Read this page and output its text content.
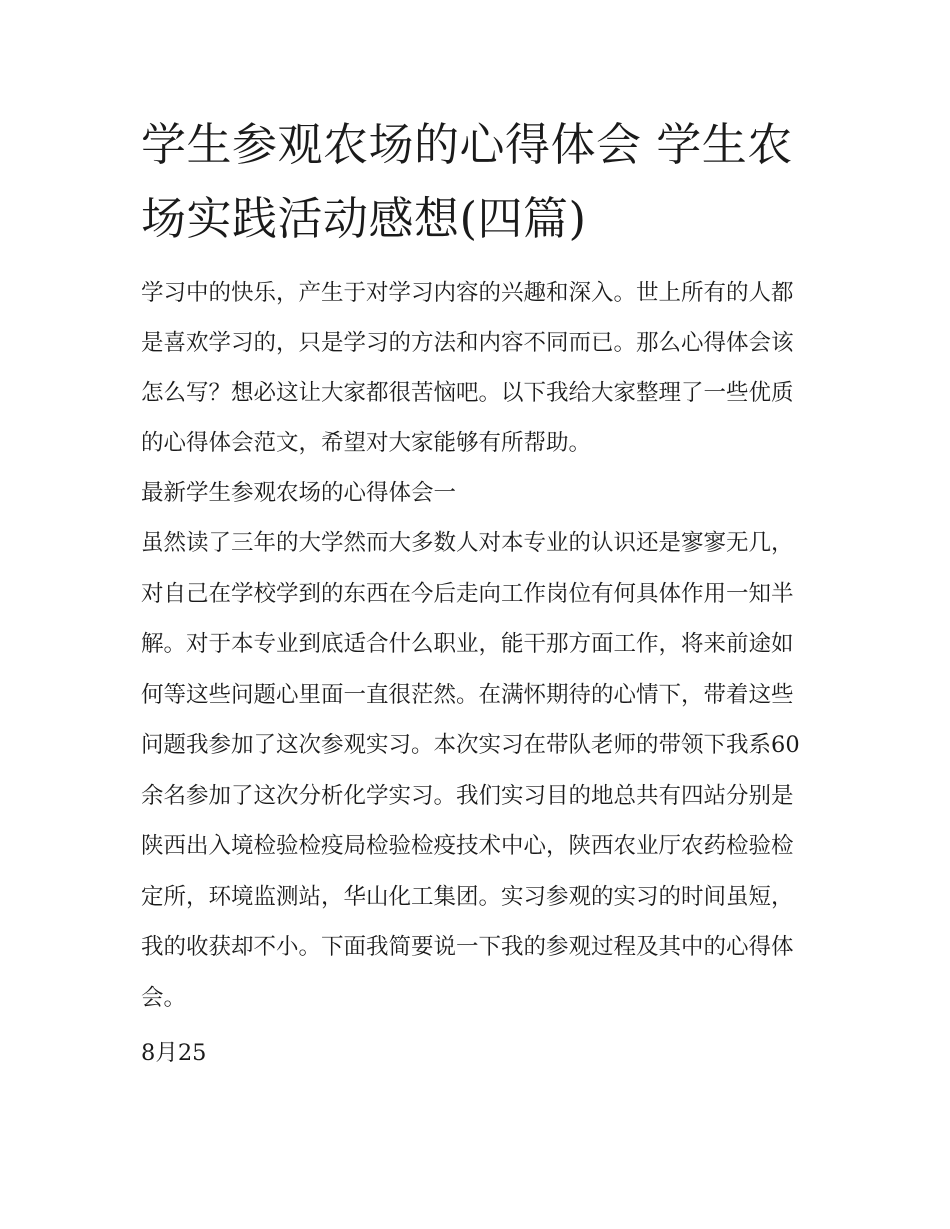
学生参观农场的心得体会 学生农场实践活动感想(四篇)

学习中的快乐，产生于对学习内容的兴趣和深入。世上所有的人都是喜欢学习的，只是学习的方法和内容不同而已。那么心得体会该怎么写？想必这让大家都很苦恼吧。以下我给大家整理了一些优质的心得体会范文，希望对大家能够有所帮助。

最新学生参观农场的心得体会一

虽然读了三年的大学然而大多数人对本专业的认识还是寥寥无几，对自己在学校学到的东西在今后走向工作岗位有何具体作用一知半解。对于本专业到底适合什么职业，能干那方面工作，将来前途如何等这些问题心里面一直很茫然。在满怀期待的心情下，带着这些问题我参加了这次参观实习。本次实习在带队老师的带领下我系60余名参加了这次分析化学实习。我们实习目的地总共有四站分别是陕西出入境检验检疫局检验检疫技术中心，陕西农业厅农药检验检定所，环境监测站，华山化工集团。实习参观的实习的时间虽短，我的收获却不小。下面我简要说一下我的参观过程及其中的心得体会。

8月25
